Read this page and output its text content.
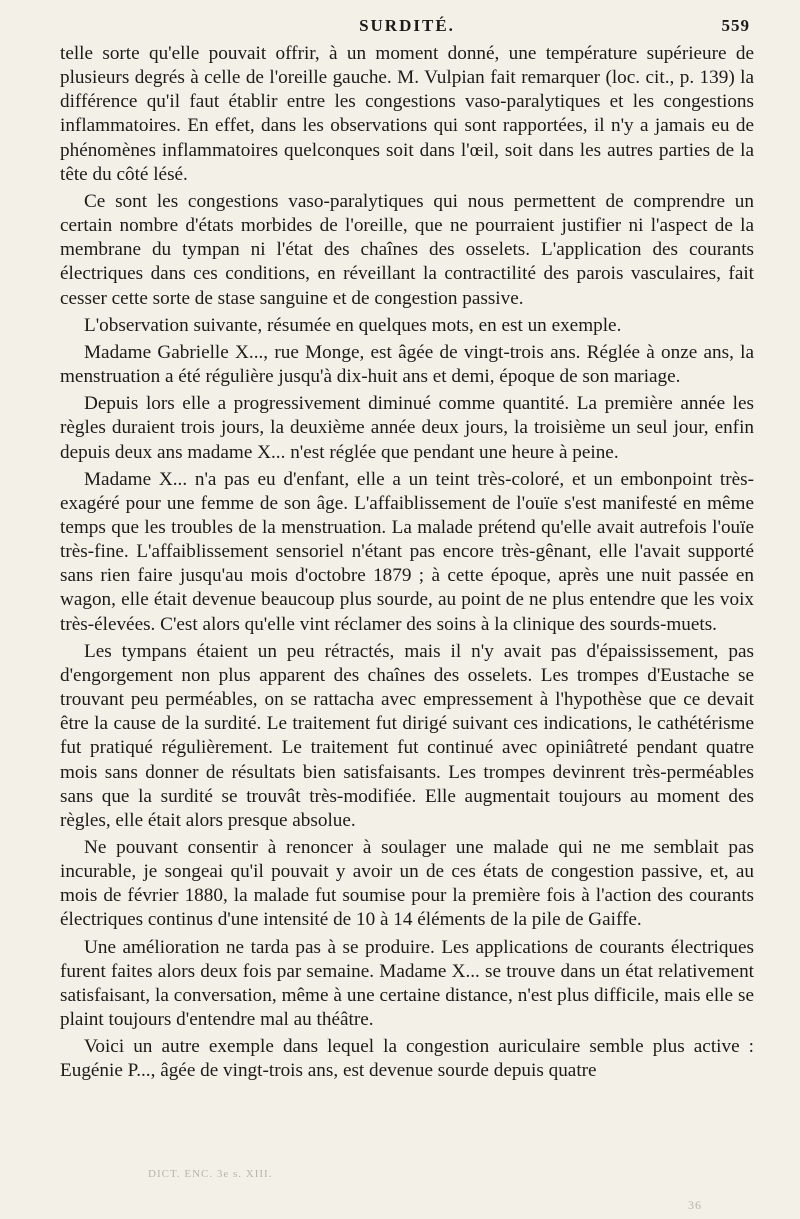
SURDITÉ.	559

telle sorte qu'elle pouvait offrir, à un moment donné, une température supérieure de plusieurs degrés à celle de l'oreille gauche. M. Vulpian fait remarquer (loc. cit., p. 139) la différence qu'il faut établir entre les congestions vaso-paralytiques et les congestions inflammatoires. En effet, dans les observations qui sont rapportées, il n'y a jamais eu de phénomènes inflammatoires quelconques soit dans l'œil, soit dans les autres parties de la tête du côté lésé.

Ce sont les congestions vaso-paralytiques qui nous permettent de comprendre un certain nombre d'états morbides de l'oreille, que ne pourraient justifier ni l'aspect de la membrane du tympan ni l'état des chaînes des osselets. L'application des courants électriques dans ces conditions, en réveillant la contractilité des parois vasculaires, fait cesser cette sorte de stase sanguine et de congestion passive.

L'observation suivante, résumée en quelques mots, en est un exemple.

Madame Gabrielle X..., rue Monge, est âgée de vingt-trois ans. Réglée à onze ans, la menstruation a été régulière jusqu'à dix-huit ans et demi, époque de son mariage.

Depuis lors elle a progressivement diminué comme quantité. La première année les règles duraient trois jours, la deuxième année deux jours, la troisième un seul jour, enfin depuis deux ans madame X... n'est réglée que pendant une heure à peine.

Madame X... n'a pas eu d'enfant, elle a un teint très-coloré, et un embonpoint très-exagéré pour une femme de son âge. L'affaiblissement de l'ouïe s'est manifesté en même temps que les troubles de la menstruation. La malade prétend qu'elle avait autrefois l'ouïe très-fine. L'affaiblissement sensoriel n'étant pas encore très-gênant, elle l'avait supporté sans rien faire jusqu'au mois d'octobre 1879 ; à cette époque, après une nuit passée en wagon, elle était devenue beaucoup plus sourde, au point de ne plus entendre que les voix très-élevées. C'est alors qu'elle vint réclamer des soins à la clinique des sourds-muets.

Les tympans étaient un peu rétractés, mais il n'y avait pas d'épaississement, pas d'engorgement non plus apparent des chaînes des osselets. Les trompes d'Eustache se trouvant peu perméables, on se rattacha avec empressement à l'hypothèse que ce devait être la cause de la surdité. Le traitement fut dirigé suivant ces indications, le cathétérisme fut pratiqué régulièrement. Le traitement fut continué avec opiniâtreté pendant quatre mois sans donner de résultats bien satisfaisants. Les trompes devinrent très-perméables sans que la surdité se trouvât très-modifiée. Elle augmentait toujours au moment des règles, elle était alors presque absolue.

Ne pouvant consentir à renoncer à soulager une malade qui ne me semblait pas incurable, je songeai qu'il pouvait y avoir un de ces états de congestion passive, et, au mois de février 1880, la malade fut soumise pour la première fois à l'action des courants électriques continus d'une intensité de 10 à 14 éléments de la pile de Gaiffe.

Une amélioration ne tarda pas à se produire. Les applications de courants électriques furent faites alors deux fois par semaine. Madame X... se trouve dans un état relativement satisfaisant, la conversation, même à une certaine distance, n'est plus difficile, mais elle se plaint toujours d'entendre mal au théâtre.

Voici un autre exemple dans lequel la congestion auriculaire semble plus active : Eugénie P..., âgée de vingt-trois ans, est devenue sourde depuis quatre

DICT. ENC. 3e s. XIII.
36
